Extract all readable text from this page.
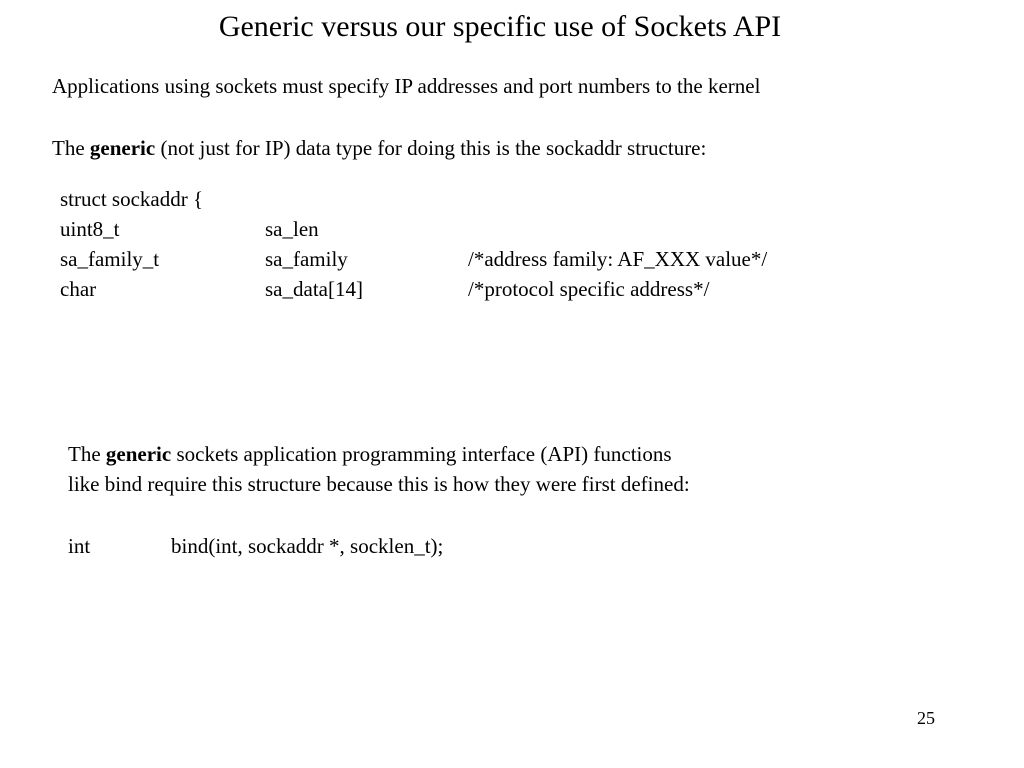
Generic versus our specific use of Sockets API
Applications using sockets must specify IP addresses and port numbers to the kernel
The generic (not just for IP) data type for doing this is the sockaddr structure:
struct sockaddr {
uint8_t	sa_len
sa_family_t	sa_family	/*address family: AF_XXX value*/
char	sa_data[14]	/*protocol specific address*/
The generic sockets application programming interface (API) functions
like bind require this structure because this is how they were first defined:
int	bind(int, sockaddr *, socklen_t);
25
